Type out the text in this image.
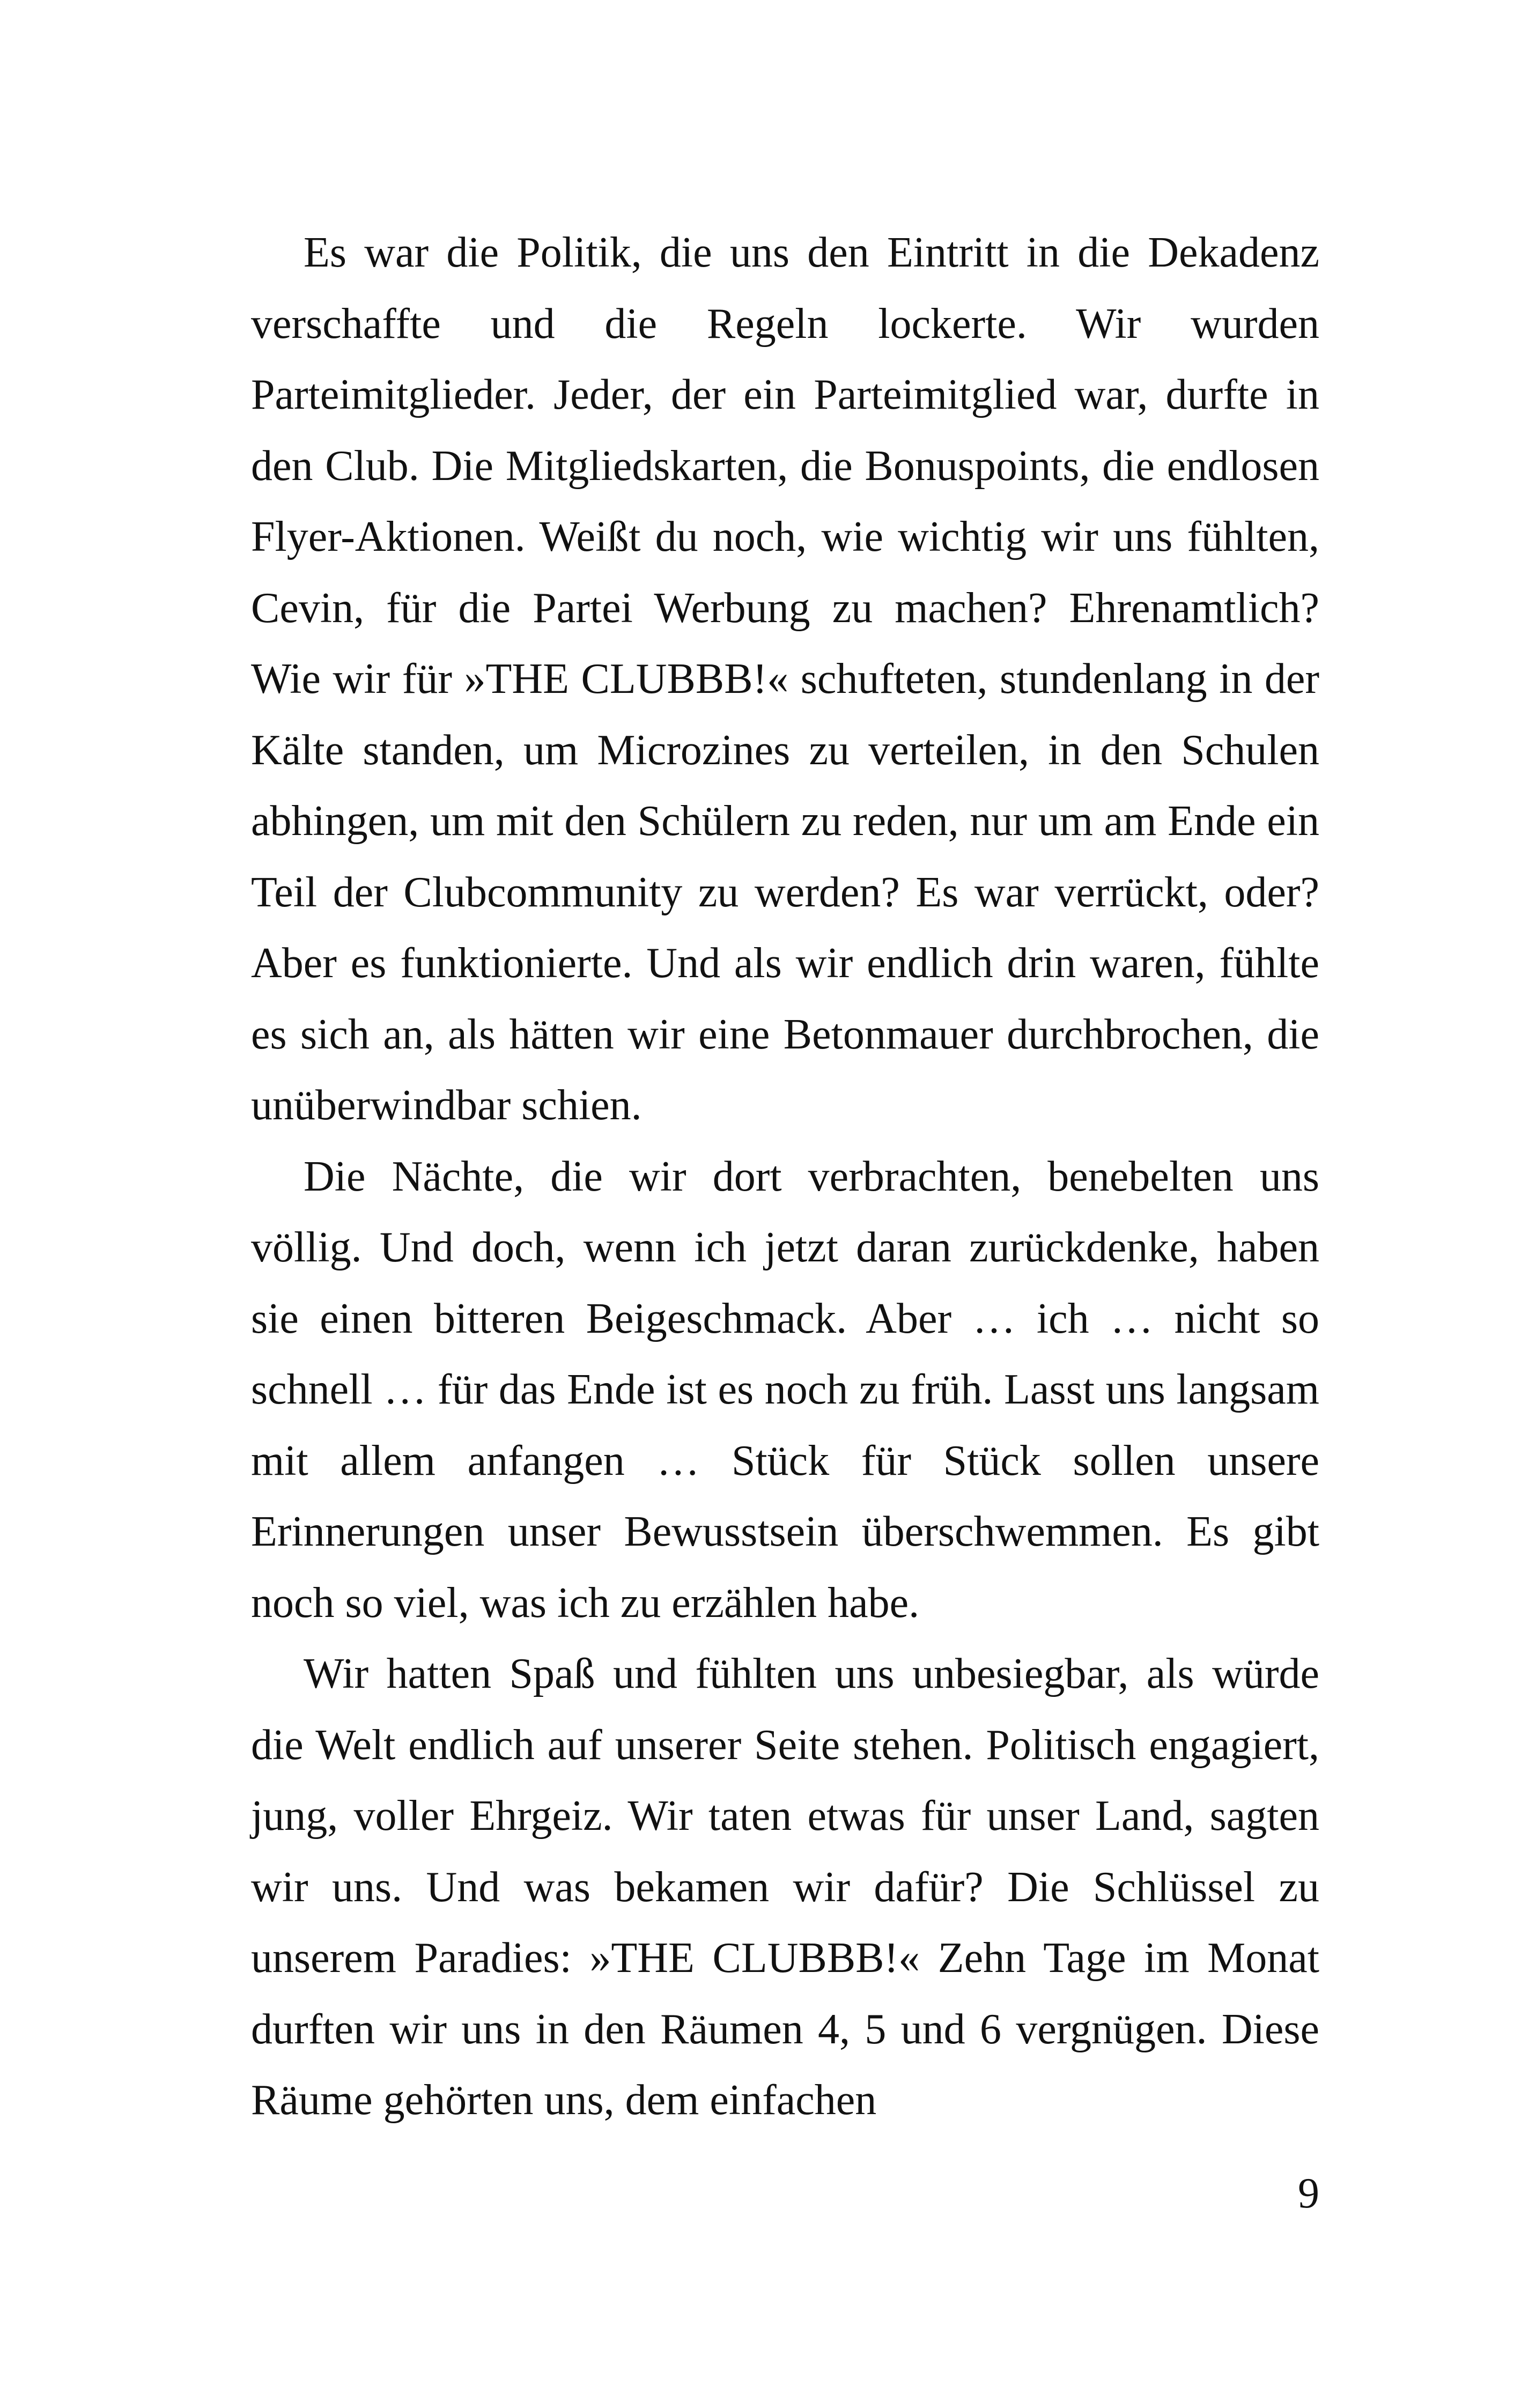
Es war die Politik, die uns den Eintritt in die Dekadenz verschaffte und die Regeln lockerte. Wir wurden Parteimitglieder. Jeder, der ein Parteimitglied war, durfte in den Club. Die Mitgliedskarten, die Bonuspoints, die endlosen Flyer-Aktionen. Weißt du noch, wie wichtig wir uns fühlten, Cevin, für die Partei Werbung zu machen? Ehrenamtlich? Wie wir für »THE CLUBBB!« schufteten, stundenlang in der Kälte standen, um Microzines zu verteilen, in den Schulen abhingen, um mit den Schülern zu reden, nur um am Ende ein Teil der Clubcommunity zu werden? Es war verrückt, oder? Aber es funktionierte. Und als wir endlich drin waren, fühlte es sich an, als hätten wir eine Betonmauer durchbrochen, die unüberwindbar schien.

Die Nächte, die wir dort verbrachten, benebelten uns völlig. Und doch, wenn ich jetzt daran zurückdenke, haben sie einen bitteren Beigeschmack. Aber … ich … nicht so schnell … für das Ende ist es noch zu früh. Lasst uns langsam mit allem anfangen … Stück für Stück sollen unsere Erinnerungen unser Bewusstsein überschwemmen. Es gibt noch so viel, was ich zu erzählen habe.

Wir hatten Spaß und fühlten uns unbesiegbar, als würde die Welt endlich auf unserer Seite stehen. Politisch engagiert, jung, voller Ehrgeiz. Wir taten etwas für unser Land, sagten wir uns. Und was bekamen wir dafür? Die Schlüssel zu unserem Paradies: »THE CLUBBB!« Zehn Tage im Monat durften wir uns in den Räumen 4, 5 und 6 vergnügen. Diese Räume gehörten uns, dem einfachen

9
